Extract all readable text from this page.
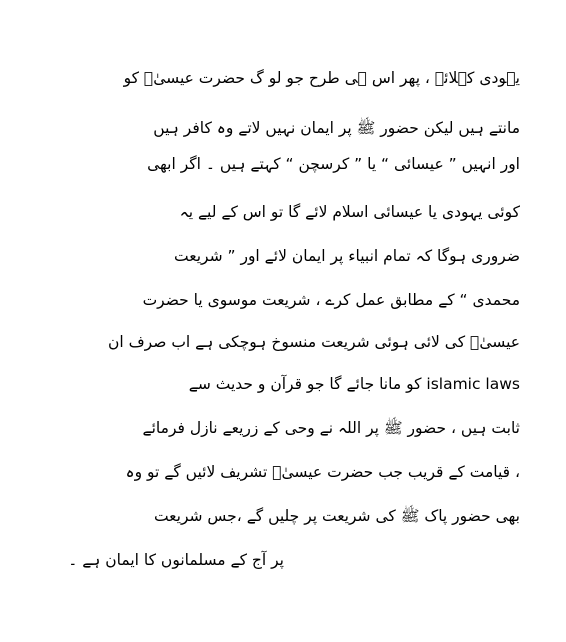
یہودی کہلائے ، پھر اس ہی طرح جو لو گ حضرت عیسیٰؑ کو
مانتے ہیں لیکن حضور ﷺ پر ایمان نہیں لاتے وہ کافر ہیں
اور انہیں ” عیسائی “ یا ” کرسچن “ کہتے ہیں ۔ اگر ابھی
کوئی یہودی یا عیسائی اسلام لائے گا تو اس کے لیے یہ
ضروری ہوگا کہ تمام انبیاء پر ایمان لائے اور ” شریعت
محمدی “ کے مطابق عمل کرے ، شریعت موسوی یا حضرت
عیسیٰؑ کی لائی ہوئی شریعت منسوخ ہوچکی ہے اب صرف ان
islamic laws کو مانا جائے گا جو قرآن و حدیث سے
ثابت ہیں ، حضور ﷺ پر اللہ نے وحی کے زریعے نازل فرمائے
، قیامت کے قریب جب حضرت عیسیٰؑ تشریف لائیں گے تو وہ
بھی حضور پاک ﷺ کی شریعت پر چلیں گے ،جس شریعت
پر آج کے مسلمانوں کا ایمان ہے ۔
